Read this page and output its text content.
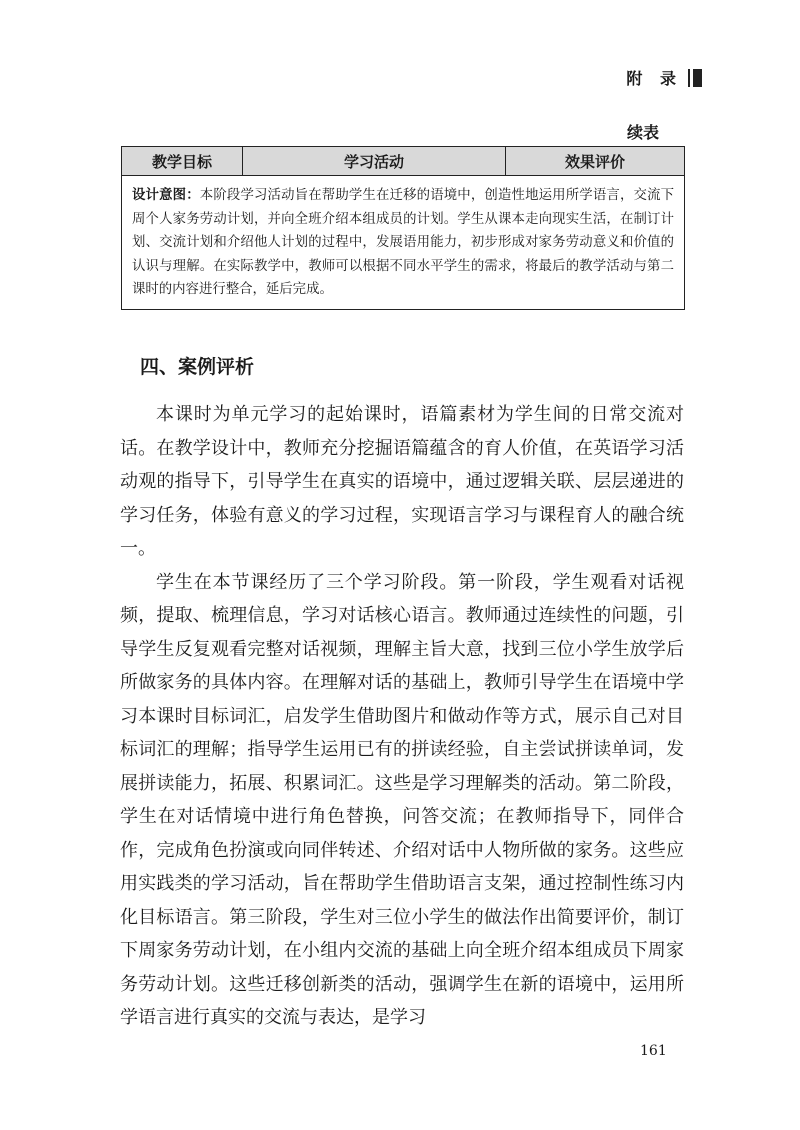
附 录
续表
教学目标	学习活动	效果评价
设计意图：本阶段学习活动旨在帮助学生在迁移的语境中，创造性地运用所学语言，交流下周个人家务劳动计划，并向全班介绍本组成员的计划。学生从课本走向现实生活，在制订计划、交流计划和介绍他人计划的过程中，发展语用能力，初步形成对家务劳动意义和价值的认识与理解。在实际教学中，教师可以根据不同水平学生的需求，将最后的教学活动与第二课时的内容进行整合，延后完成。
四、案例评析

本课时为单元学习的起始课时，语篇素材为学生间的日常交流对话。在教学设计中，教师充分挖掘语篇蕴含的育人价值，在英语学习活动观的指导下，引导学生在真实的语境中，通过逻辑关联、层层递进的学习任务，体验有意义的学习过程，实现语言学习与课程育人的融合统一。

学生在本节课经历了三个学习阶段。第一阶段，学生观看对话视频，提取、梳理信息，学习对话核心语言。教师通过连续性的问题，引导学生反复观看完整对话视频，理解主旨大意，找到三位小学生放学后所做家务的具体内容。在理解对话的基础上，教师引导学生在语境中学习本课时目标词汇，启发学生借助图片和做动作等方式，展示自己对目标词汇的理解；指导学生运用已有的拼读经验，自主尝试拼读单词，发展拼读能力，拓展、积累词汇。这些是学习理解类的活动。第二阶段，学生在对话情境中进行角色替换，问答交流；在教师指导下，同伴合作，完成角色扮演或向同伴转述、介绍对话中人物所做的家务。这些应用实践类的学习活动，旨在帮助学生借助语言支架，通过控制性练习内化目标语言。第三阶段，学生对三位小学生的做法作出简要评价，制订下周家务劳动计划，在小组内交流的基础上向全班介绍本组成员下周家务劳动计划。这些迁移创新类的活动，强调学生在新的语境中，运用所学语言进行真实的交流与表达，是学习

161
